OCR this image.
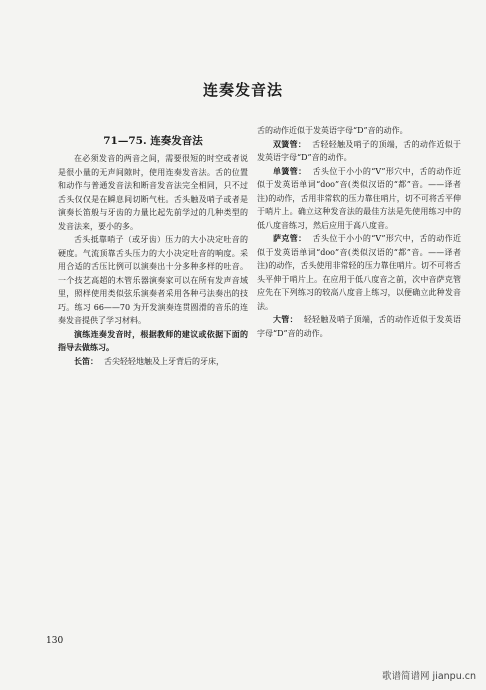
连奏发音法
71—75. 连奏发音法

在必须发音的两音之间，需要很短的时空或者说是很小量的无声间隙时，使用连奏发音法。舌的位置和动作与普通发音法和断音发音法完全相同，只不过舌头仅仅是在瞬息间切断气柱。舌头触及哨子或者是演奏长笛般与牙齿的力量比起先前学过的几种类型的发音法来，要小的多。

舌头抵靠哨子（或牙齿）压力的大小决定吐音的硬度。气流顶靠舌头压力的大小决定吐音的响度。采用合适的舌压比例可以演奏出十分多种多样的吐音。一个技艺高超的木管乐器演奏家可以在所有发声音域里，照样使用类似弦乐演奏者采用各种弓法奏出的技巧。练习 66——70 为开发演奏连贯圆滑的音乐的连奏发音提供了学习材料。

演练连奏发音时，根据教师的建议或依据下面的指导去做练习。

长笛： 舌尖轻轻地触及上牙背后的牙床，

舌的动作近似于发英语字母“D”音的动作。

双簧管： 舌轻轻触及哨子的顶端，舌的动作近似于发英语字母“D”音的动作。

单簧管： 舌头位于小小的“V”形穴中，舌的动作近似于发英语单词“doo”音(类似汉语的“都”音。——译者注)的动作，舌用非常软的压力靠住哨片，切不可将舌平伸于哨片上。确立这种发音法的最佳方法是先使用练习中的低八度音练习，然后应用于高八度音。

萨克管： 舌头位于小小的“V”形穴中，舌的动作近似于发英语单词“doo”音(类似汉语的“都”音。——译者注)的动作，舌头使用非常轻的压力靠住哨片。切不可将舌头平伸于哨片上。在应用于低八度音之前，次中音萨克管应先在下列练习的较高八度音上练习，以便确立此种发音法。

大管： 轻轻触及哨子顶端，舌的动作近似于发英语字母“D”音的动作。

130
歌谱简谱网 jianpu.cn
